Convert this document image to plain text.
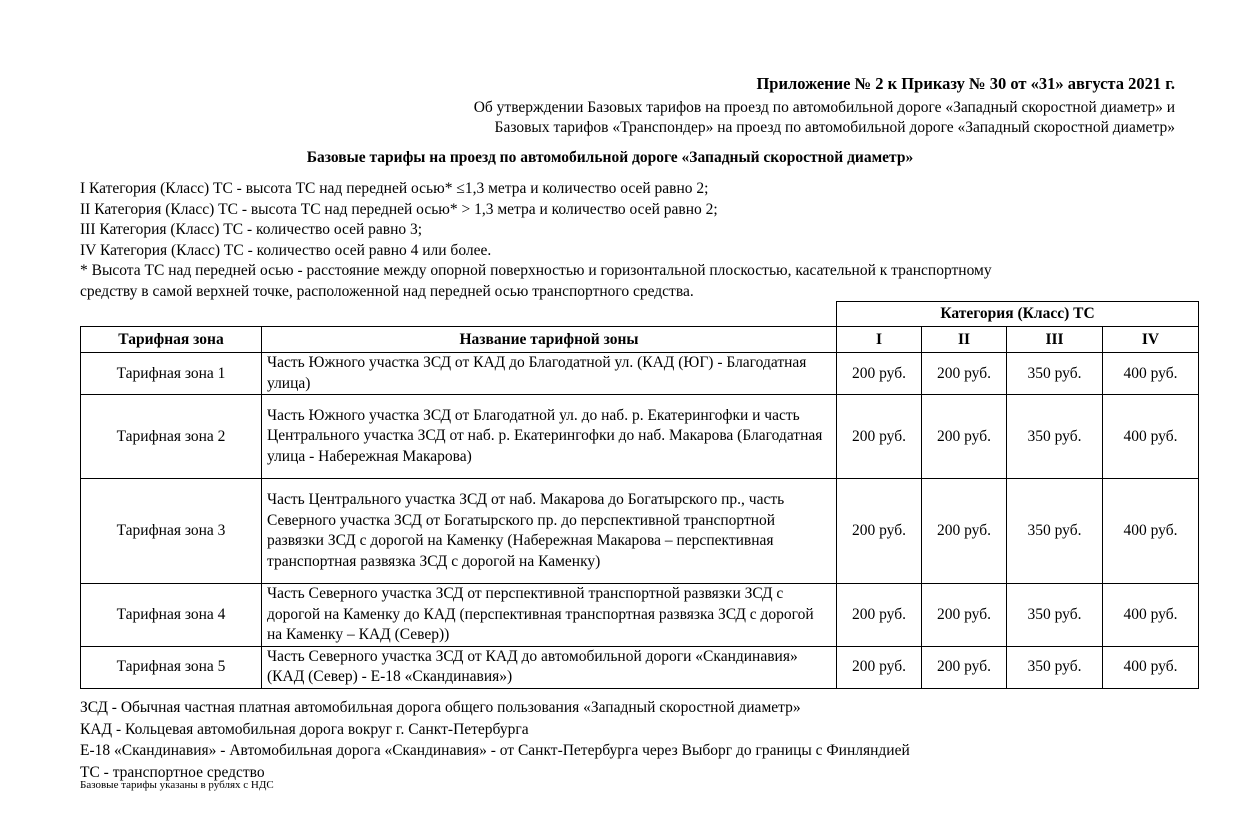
Приложение № 2 к Приказу № 30 от «31» августа 2021 г.
Об утверждении Базовых тарифов на проезд по автомобильной дороге «Западный скоростной диаметр» и
Базовых тарифов «Транспондер» на проезд по автомобильной дороге «Западный скоростной диаметр»
Базовые тарифы на проезд по автомобильной дороге «Западный скоростной диаметр»
I Категория (Класс) ТС - высота ТС над передней осью* ≤1,3 метра и количество осей равно 2;
II Категория (Класс) ТС - высота ТС над передней осью* > 1,3 метра и количество осей равно 2;
III Категория (Класс) ТС - количество осей равно 3;
IV Категория (Класс) ТС - количество осей равно 4 или более.
* Высота ТС над передней осью - расстояние между опорной поверхностью и горизонтальной плоскостью, касательной к транспортному
средству в самой верхней точке, расположенной над передней осью транспортного средства.
		Категория (Класс) ТС			
Тарифная зона	Название тарифной зоны	I	II	III	IV
Тарифная зона 1	Часть Южного участка ЗСД от КАД до Благодатной ул. (КАД (ЮГ) - Благодатная улица)	200 руб.	200 руб.	350 руб.	400 руб.
Тарифная зона 2	Часть Южного участка ЗСД от Благодатной ул. до наб. р. Екатерингофки и часть Центрального участка ЗСД от наб. р. Екатерингофки до наб. Макарова (Благодатная улица - Набережная Макарова)	200 руб.	200 руб.	350 руб.	400 руб.
Тарифная зона 3	Часть Центрального участка ЗСД от наб. Макарова до Богатырского пр., часть Северного участка ЗСД от Богатырского пр. до перспективной транспортной развязки ЗСД с дорогой на Каменку (Набережная Макарова – перспективная транспортная развязка ЗСД с дорогой на Каменку)	200 руб.	200 руб.	350 руб.	400 руб.
Тарифная зона 4	Часть Северного участка ЗСД от перспективной транспортной развязки ЗСД с дорогой на Каменку до КАД (перспективная транспортная развязка ЗСД с дорогой на Каменку – КАД (Север))	200 руб.	200 руб.	350 руб.	400 руб.
Тарифная зона 5	Часть Северного участка ЗСД от КАД до автомобильной дороги «Скандинавия» (КАД (Север) - Е-18 «Скандинавия»)	200 руб.	200 руб.	350 руб.	400 руб.
ЗСД - Обычная частная платная автомобильная дорога общего пользования «Западный скоростной диаметр»
КАД - Кольцевая автомобильная дорога вокруг г. Санкт-Петербурга
Е-18 «Скандинавия» - Автомобильная дорога «Скандинавия» - от Санкт-Петербурга через Выборг до границы с Финляндией
ТС - транспортное средство
Базовые тарифы указаны в рублях с НДС
